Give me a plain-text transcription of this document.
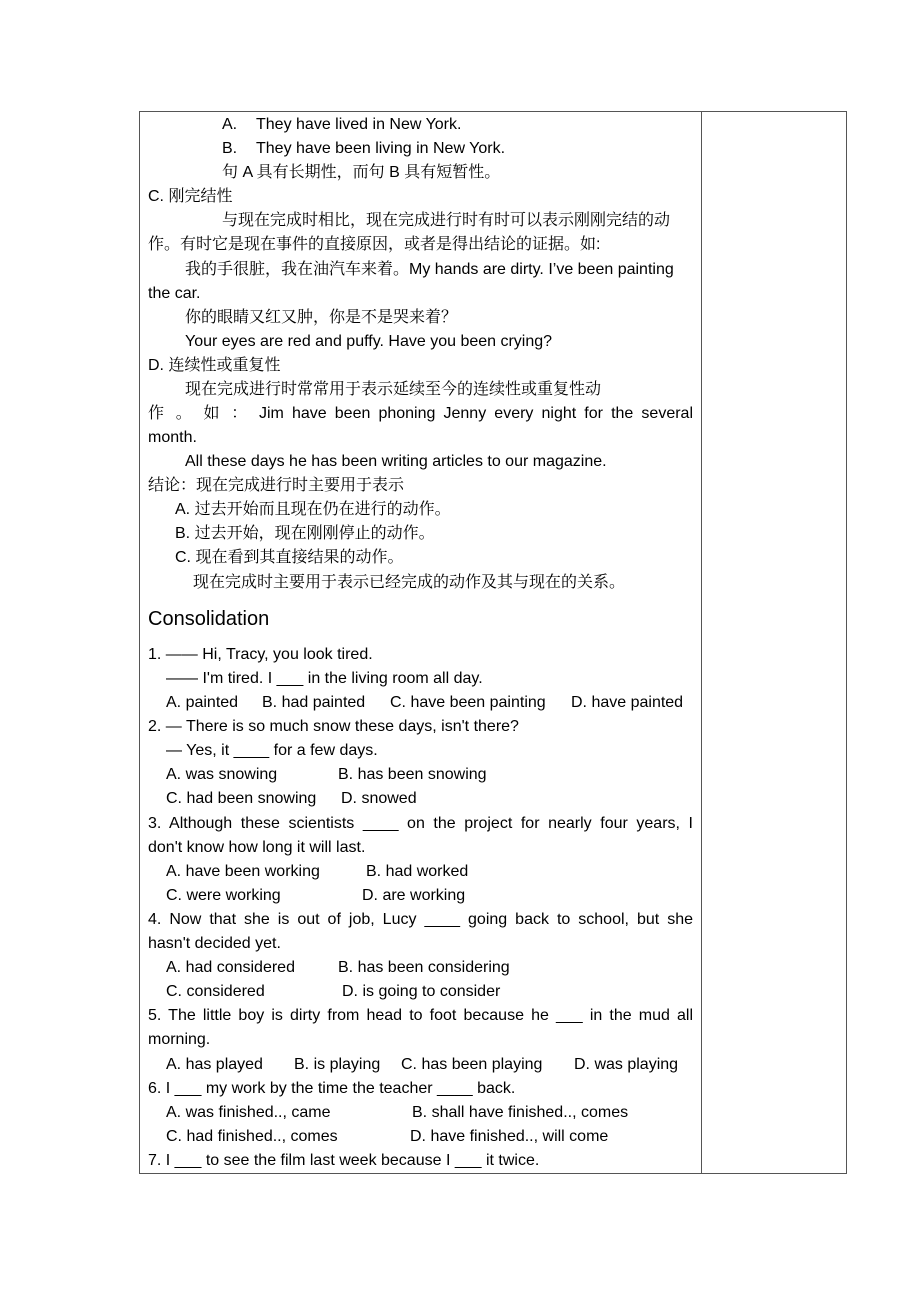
A. They have lived in New York.
B. They have been living in New York.
句 A 具有长期性，而句 B 具有短暂性。
C. 刚完结性
与现在完成时相比，现在完成进行时有时可以表示刚刚完结的动
作。有时它是现在事件的直接原因，或者是得出结论的证据。如:
我的手很脏，我在油汽车来着。My hands are dirty. I’ve been painting
the car.
你的眼睛又红又肿，你是不是哭来着？
Your eyes are red and puffy. Have you been crying?
D. 连续性或重复性
现在完成进行时常常用于表示延续至今的连续性或重复性动
作 。 如 ： Jim have been phoning Jenny every night for the several
month.
All these days he has been writing articles to our magazine.
结论：现在完成进行时主要用于表示
A. 过去开始而且现在仍在进行的动作。
B. 过去开始，现在刚刚停止的动作。
C. 现在看到其直接结果的动作。
现在完成时主要用于表示已经完成的动作及其与现在的关系。
Consolidation
1. —— Hi, Tracy, you look tired.
—— I'm tired. I ___ in the living room all day.
A. painted B. had painted C. have been painting D. have painted
2. — There is so much snow these days, isn't there?
— Yes, it ____ for a few days.
A. was snowing	B. has been snowing
C. had been snowing D. snowed
3. Although these scientists ____ on the project for nearly four years, I
don't know how long it will last.
A. have been working	B. had worked
C. were working	D. are working
4. Now that she is out of job, Lucy ____ going back to school, but she
hasn't decided yet.
A. had considered	B. has been considering
C. considered	D. is going to consider
5. The little boy is dirty from head to foot because he ___ in the mud all
morning.
A. has played B. is playing C. has been playing D. was playing
6. I ___ my work by the time the teacher ____ back.
A. was finished.., came	B. shall have finished.., comes
C. had finished.., comes	D. have finished.., will come
7. I ___ to see the film last week because I ___ it twice.
